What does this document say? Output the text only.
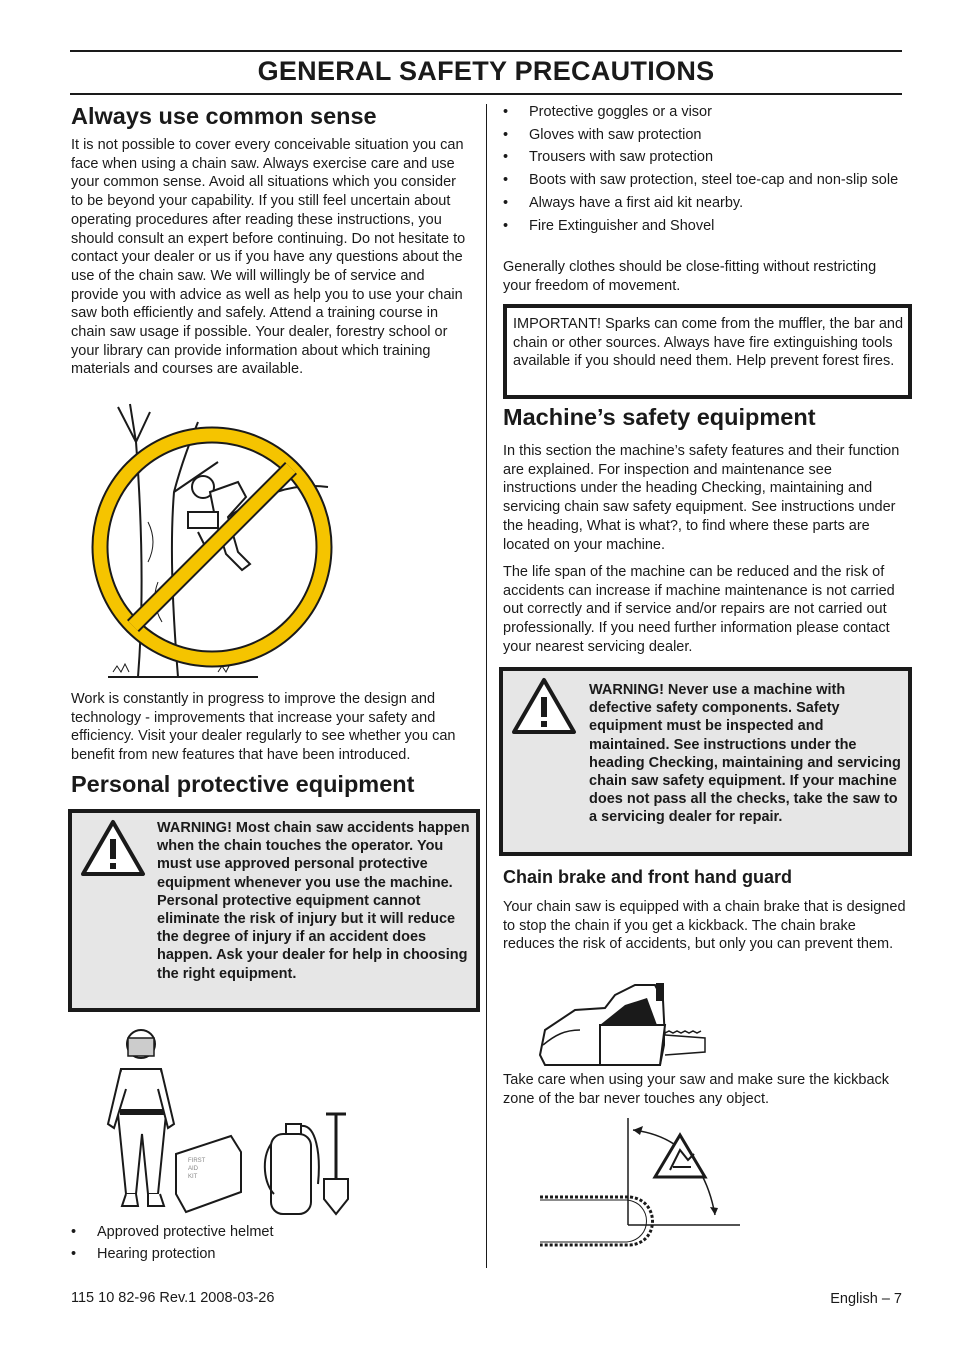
GENERAL SAFETY PRECAUTIONS
Always use common sense

It is not possible to cover every conceivable situation you can face when using a chain saw. Always exercise care and use your common sense. Avoid all situations which you consider to be beyond your capability. If you still feel uncertain about operating procedures after reading these instructions, you should consult an expert before continuing. Do not hesitate to contact your dealer or us if you have any questions about the use of the chain saw. We will willingly be of service and provide you with advice as well as help you to use your chain saw both efficiently and safely. Attend a training course in chain saw usage if possible. Your dealer, forestry school or your library can provide information about which training materials and courses are available.

Work is constantly in progress to improve the design and technology - improvements that increase your safety and efficiency. Visit your dealer regularly to see whether you can benefit from new features that have been introduced.

Personal protective equipment
WARNING! Most chain saw accidents happen when the chain touches the operator. You must use approved personal protective equipment whenever you use the machine. Personal protective equipment cannot eliminate the risk of injury but it will reduce the degree of injury if an accident does happen. Ask your dealer for help in choosing the right equipment.
FIRST
AID
KIT
• Approved protective helmet
• Hearing protection
• Protective goggles or a visor
• Gloves with saw protection
• Trousers with saw protection
• Boots with saw protection, steel toe-cap and non-slip sole
• Always have a first aid kit nearby.
• Fire Extinguisher and Shovel

Generally clothes should be close-fitting without restricting your freedom of movement.

IMPORTANT! Sparks can come from the muffler, the bar and chain or other sources. Always have fire extinguishing tools available if you should need them. Help prevent forest fires.

Machine’s safety equipment

In this section the machine’s safety features and their function are explained. For inspection and maintenance see instructions under the heading Checking, maintaining and servicing chain saw safety equipment. See instructions under the heading, What is what?, to find where these parts are located on your machine.

The life span of the machine can be reduced and the risk of accidents can increase if machine maintenance is not carried out correctly and if service and/or repairs are not carried out professionally. If you need further information please contact your nearest servicing dealer.

WARNING! Never use a machine with defective safety components. Safety equipment must be inspected and maintained. See instructions under the heading Checking, maintaining and servicing chain saw safety equipment. If your machine does not pass all the checks, take the saw to a servicing dealer for repair.
Chain brake and front hand guard

Your chain saw is equipped with a chain brake that is designed to stop the chain if you get a kickback. The chain brake reduces the risk of accidents, but only you can prevent them.

Take care when using your saw and make sure the kickback zone of the bar never touches any object.

115 10 82-96 Rev.1 2008-03-26	English – 7
